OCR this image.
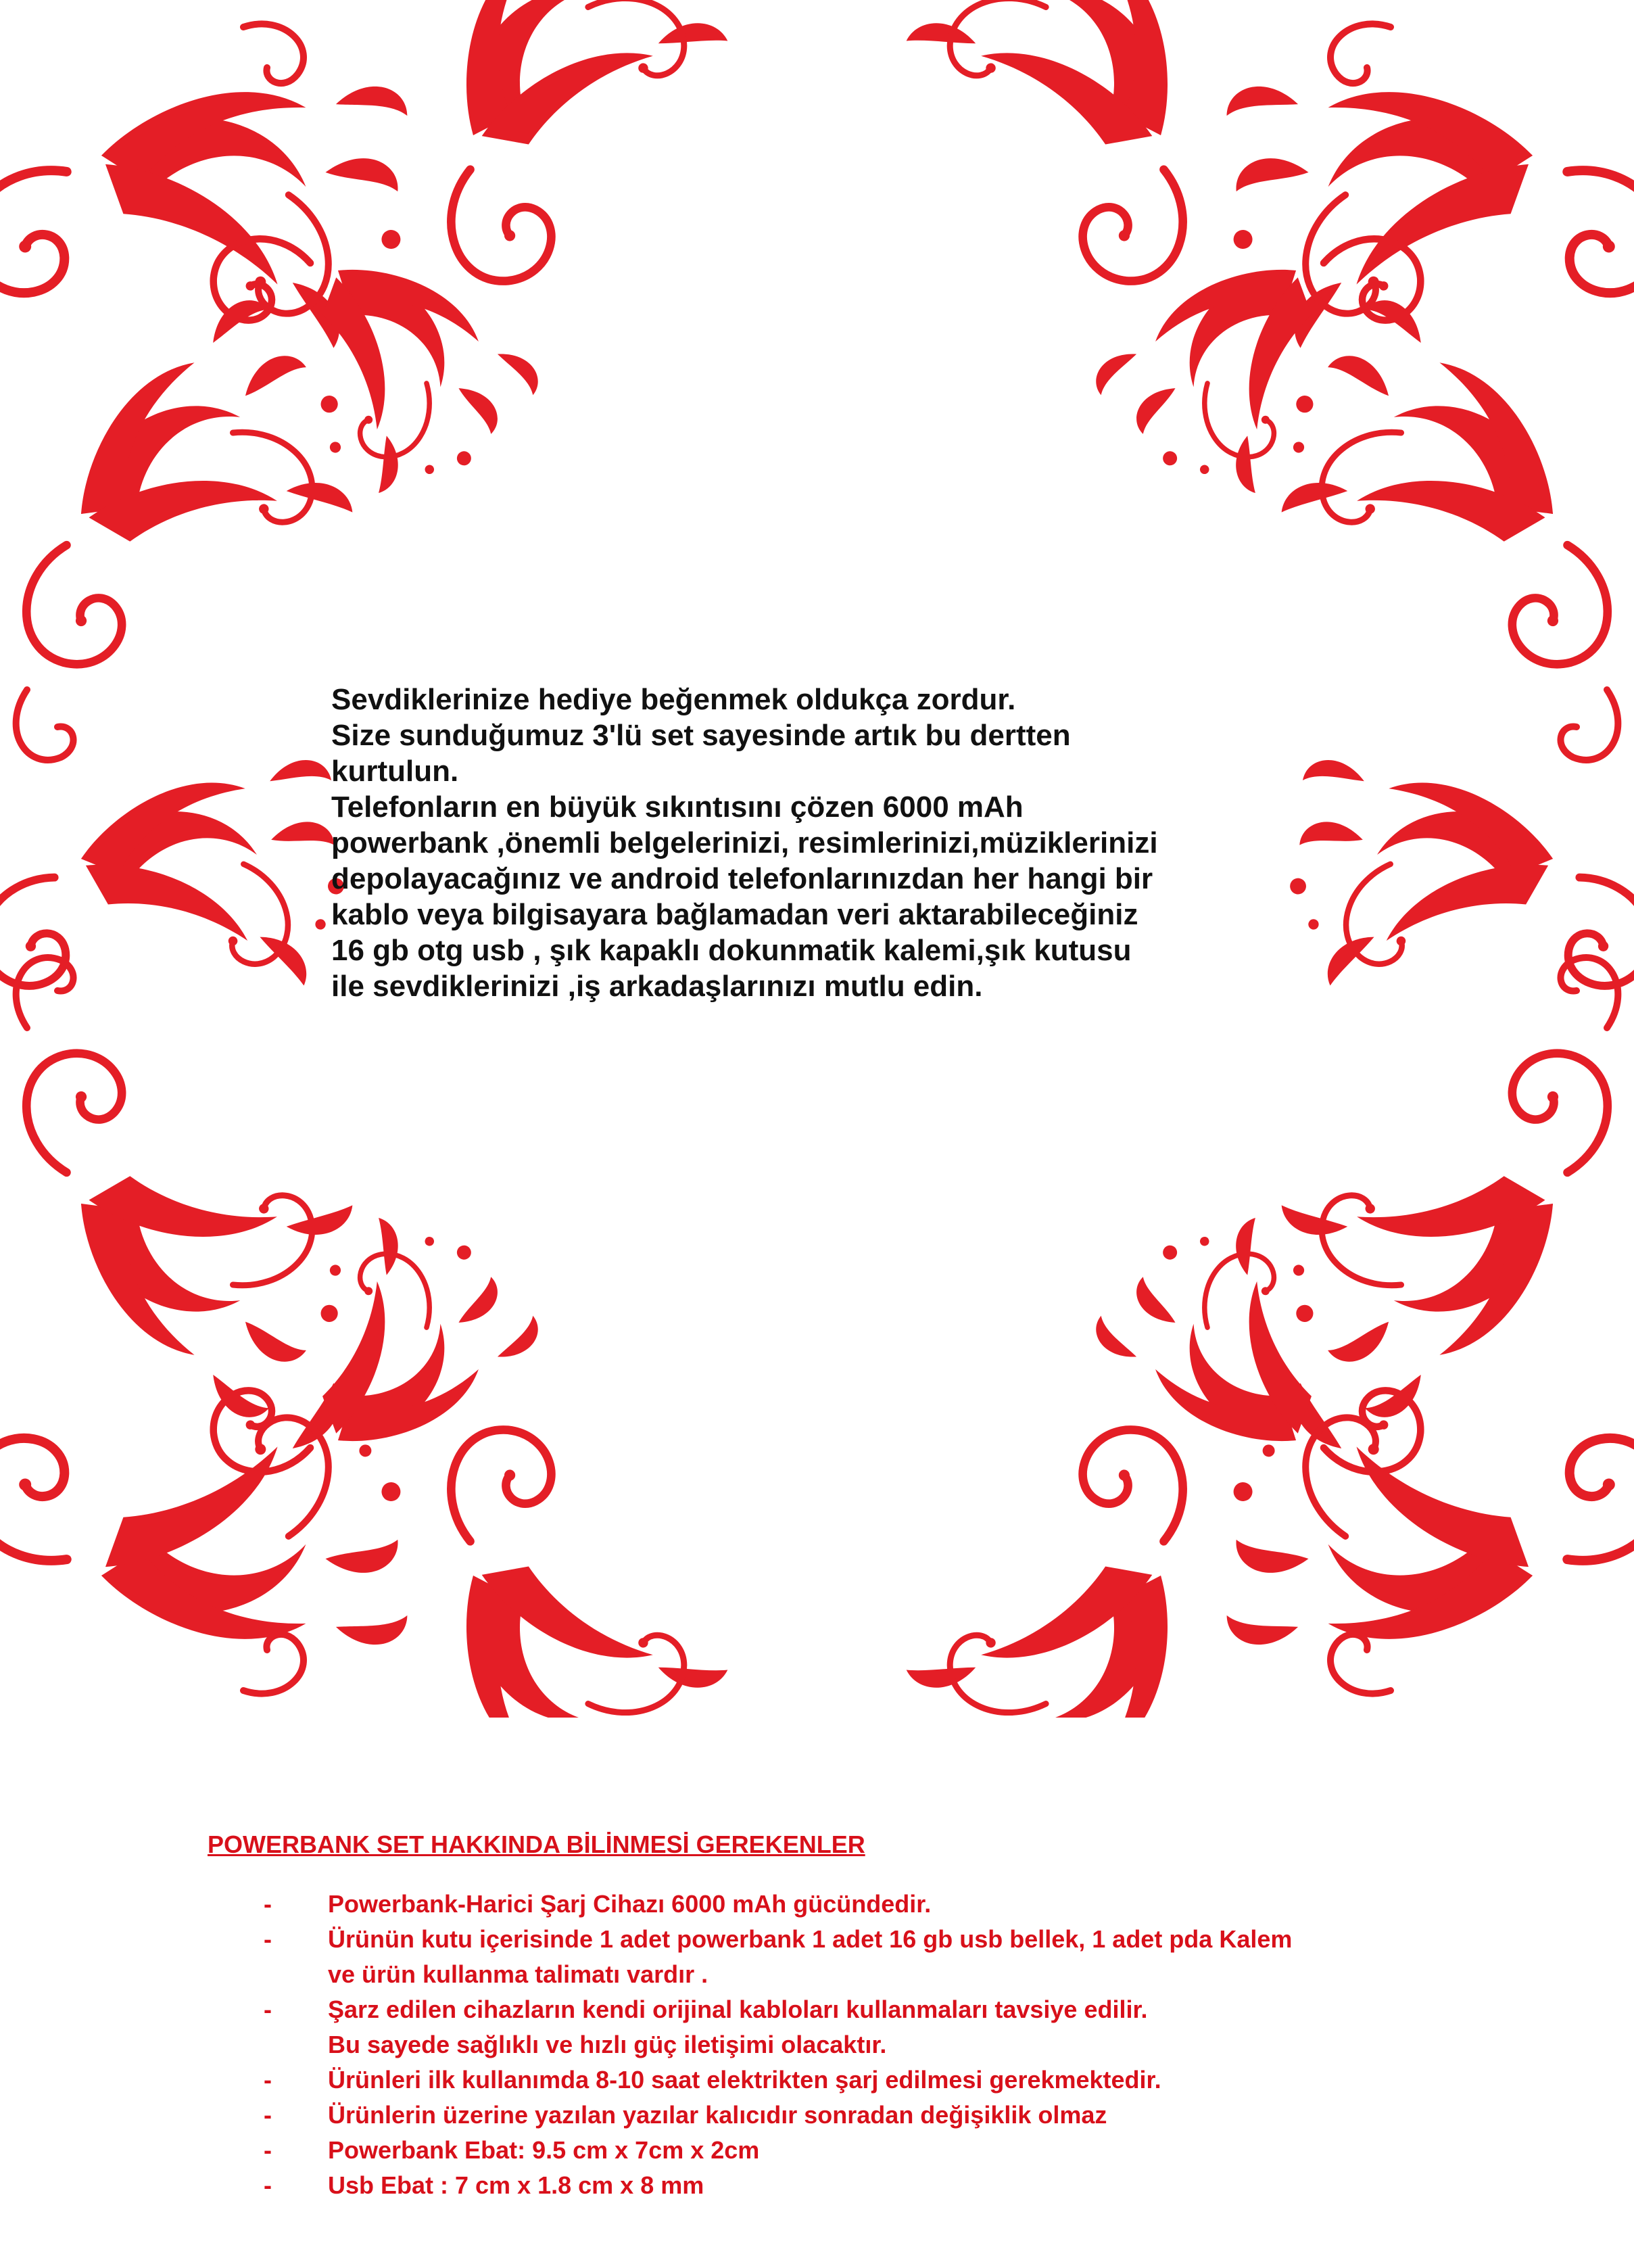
Sevdiklerinize hediye beğenmek oldukça zordur.

Size sunduğumuz 3'lü set sayesinde artık bu dertten

kurtulun.

Telefonların en büyük sıkıntısını çözen 6000 mAh

powerbank ,önemli belgelerinizi, resimlerinizi,müziklerinizi

depolayacağınız ve android telefonlarınızdan her hangi bir

kablo veya bilgisayara bağlamadan veri aktarabileceğiniz

16 gb otg usb , şık kapaklı dokunmatik kalemi,şık kutusu

ile sevdiklerinizi ,iş arkadaşlarınızı mutlu edin.

POWERBANK SET HAKKINDA BİLİNMESİ GEREKENLER
- Powerbank-Harici Şarj Cihazı 6000 mAh gücündedir.
- Ürünün kutu içerisinde 1 adet powerbank 1 adet 16 gb usb bellek, 1 adet pda Kalem
ve ürün kullanma talimatı vardır .
- Şarz edilen cihazların kendi orijinal kabloları kullanmaları tavsiye edilir.
Bu sayede sağlıklı ve hızlı güç iletişimi olacaktır.
- Ürünleri ilk kullanımda 8-10 saat elektrikten şarj edilmesi gerekmektedir.
- Ürünlerin üzerine yazılan yazılar kalıcıdır sonradan değişiklik olmaz
- Powerbank Ebat: 9.5 cm x 7cm x 2cm
- Usb Ebat : 7 cm x 1.8 cm x 8 mm
